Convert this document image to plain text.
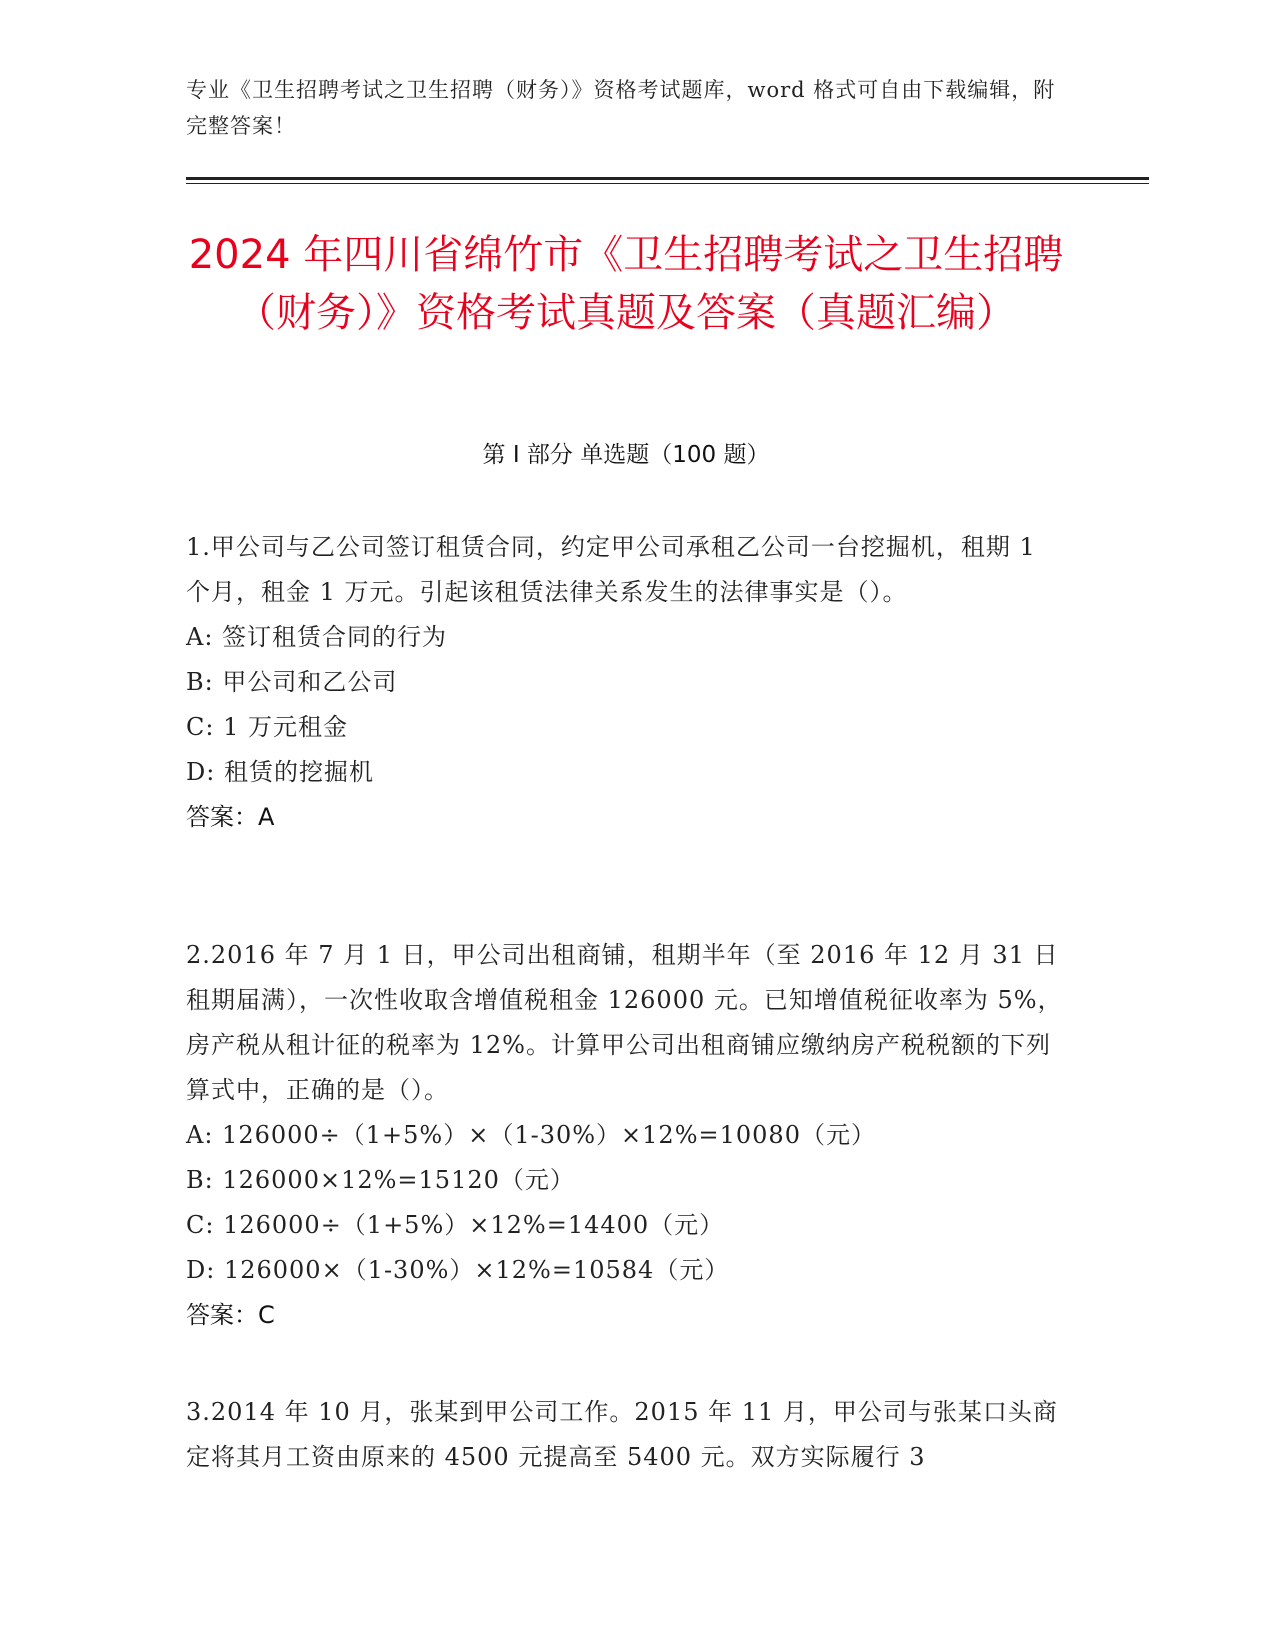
专业《卫生招聘考试之卫生招聘（财务）》资格考试题库，word 格式可自由下载编辑，附完整答案！
2024 年四川省绵竹市《卫生招聘考试之卫生招聘（财务）》资格考试真题及答案（真题汇编）
第 I 部分 单选题（100 题）
1.甲公司与乙公司签订租赁合同，约定甲公司承租乙公司一台挖掘机，租期 1 个月，租金 1 万元。引起该租赁法律关系发生的法律事实是（）。
A: 签订租赁合同的行为
B: 甲公司和乙公司
C: 1 万元租金
D: 租赁的挖掘机
答案：A
2.2016 年 7 月 1 日，甲公司出租商铺，租期半年（至 2016 年 12 月 31 日租期届满），一次性收取含增值税租金 126000 元。已知增值税征收率为 5%，房产税从租计征的税率为 12%。计算甲公司出租商铺应缴纳房产税税额的下列算式中，正确的是（）。
A: 126000÷（1+5%）×（1-30%）×12%=10080（元）
B: 126000×12%=15120（元）
C: 126000÷（1+5%）×12%=14400（元）
D: 126000×（1-30%）×12%=10584（元）
答案：C
3.2014 年 10 月，张某到甲公司工作。2015 年 11 月，甲公司与张某口头商定将其月工资由原来的 4500 元提高至 5400 元。双方实际履行 3
